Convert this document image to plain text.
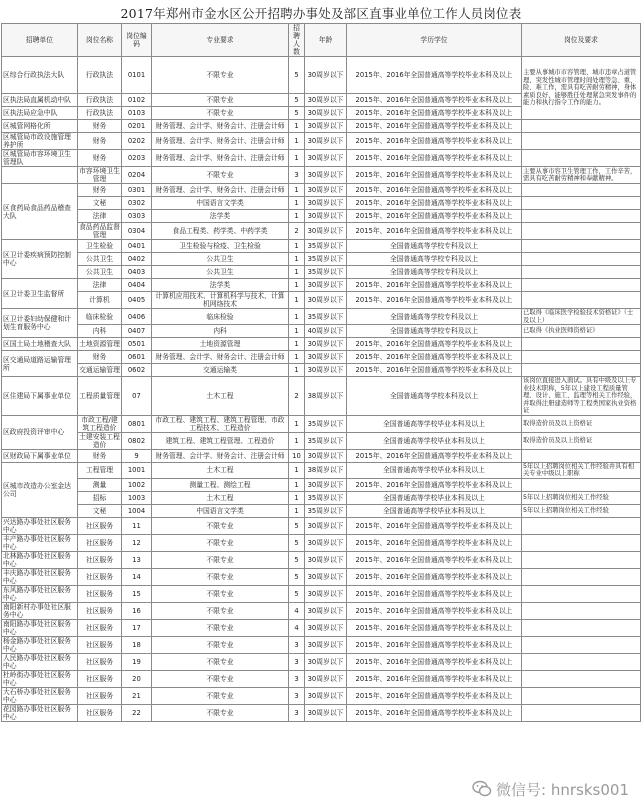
2017年郑州市金水区公开招聘办事处及部区直事业单位工作人员岗位表
招聘单位	岗位名称	岗位编码	专业要求	招聘人数	年龄	学历学位	岗位及要求
区综合行政执法大队	行政执法	0101	不限专业	5	30周岁以下	2015年、2016年全国普通高等学校毕业本科及以上	主要从事城市市容管理、城市违章占道管理、突发性城市管理时间处理等急、重、险、难工作，需具有吃苦耐劳精神，身体素质良好，能够胜任处理紧急突发事件的能力和执行指令工作的能力。
区执法局直属机动中队	行政执法	0102	不限专业	5	30周岁以下	2015年、2016年全国普通高等学校毕业本科及以上	
区执法局应急中队	行政执法	0103	不限专业	5	30周岁以下	2015年、2016年全国普通高等学校毕业本科及以上	
区城管网格化所	财务	0201	财务管理、会计学、财务会计、注册会计师	1	30周岁以下	2015年、2016年全国普通高等学校毕业本科及以上	
区城管局市政设施管理养护所	财务	0202	财务管理、会计学、财务会计、注册会计师	1	30周岁以下	2015年、2016年全国普通高等学校毕业本科及以上	
区城管局市容环境卫生管理队	财务	0203	财务管理、会计学、财务会计、注册会计师	1	30周岁以下	2015年、2016年全国普通高等学校毕业本科及以上	
	市容环境卫生管理	0204	不限专业	3	30周岁以下	2015年、2016年全国普通高等学校毕业本科及以上	主要从事市容卫生管理工作，工作辛苦，需具有吃苦耐劳精神和奉献精神。
区食药局食品药品稽查大队	财务	0301	财务管理、会计学、财务会计、注册会计师	1	30周岁以下	2015年、2016年全国普通高等学校毕业本科及以上	
	文秘	0302	中国语言文学类	1	30周岁以下	2015年、2016年全国普通高等学校毕业本科及以上	
	法律	0303	法学类	1	30周岁以下	2015年、2016年全国普通高等学校毕业本科及以上	
	食品药品监督管理	0304	食品工程类、药学类、中药学类	2	30周岁以下	2015年、2016年全国普通高等学校毕业本科及以上	
区卫计委疾病预防控制中心	卫生检验	0401	卫生检验与检疫、卫生检验	1	35周岁以下	全国普通高等学校专科及以上	
	公共卫生	0402	公共卫生	1	35周岁以下	全国普通高等学校专科及以上	
	公共卫生	0403	公共卫生	1	35周岁以下	全国普通高等学校专科及以上	
区卫计委卫生监督所	法律	0404	法学类	1	30周岁以下	2015年、2016年全国普通高等学校毕业本科及以上	
	计算机	0405	计算机应用技术、计算机科学与技术、计算机网络技术	1	30周岁以下	2015年、2016年全国普通高等学校毕业本科及以上	
区卫计委妇幼保健和计划生育服务中心	临床检验	0406	临床检验	1	35周岁以下	全国普通高等学校专科及以上	已取得《临床医学检验技术资格证》（士及以上）
	内科	0407	内科	1	40周岁以下	全国普通高等学校专科及以上	已取得《执业医师资格证》
区国土局土地稽查大队	土地资源管理	0501	土地资源管理	1	30周岁以下	2015年、2016年全国普通高等学校毕业本科及以上	
区交通局道路运输管理所	财务	0601	财务管理、会计学、财务会计、注册会计师	1	30周岁以下	2015年、2016年全国普通高等学校毕业本科及以上	
	交通运输管理	0602	交通运输类	1	30周岁以下	2015年、2016年全国普通高等学校毕业本科及以上	
区住建局下属事业单位	工程质量管理	07	土木工程	2	38周岁以下	全国普通高等学校本科及以上	该岗位直接进入面试。具有中级及以上专业技术职称，5年以上建设工程质量管理、设计、施工、监理等相关工作经验，并取得注册建造师等工程类国家执业资格证
区政府投资评审中心	市政工程/建筑工程造价	0801	市政工程、建筑工程、建筑工程管理、市政工程技术、工程造价	1	35周岁以下	全国普通高等学校毕业本科及以上	取得造价员及以上资格证
	土建安装工程造价	0802	建筑工程、建筑工程管理、工程造价	1	35周岁以下	全国普通高等学校毕业本科及以上	取得造价员及以上资格证
区财政局下属事业单位	财务	9	财务管理、会计学、财务会计、注册会计师	10	30周岁以下	2015年、2016年全国普通高等学校毕业本科及以上	
区城市改造办公室金达公司	工程管理	1001	土木工程	1	38周岁以下	全国普通高等学校毕业本科及以上	5年以上招聘岗位相关工作经验并具有相关专业中级以上职称
	测量	1002	测量工程、测绘工程	1	30周岁以下	2015年、2016年全国普通高等学校毕业本科及以上	
	招标	1003	土木工程	1	35周岁以下	全国普通高等学校毕业本科及以上	5年以上招聘岗位相关工作经验
	文秘	1004	中国语言文学类	1	35周岁以下	全国普通高等学校毕业本科及以上	5年以上招聘岗位相关工作经验
兴达路办事处社区服务中心	社区服务	11	不限专业	5	30周岁以下	2015年、2016年全国普通高等学校毕业本科及以上	
丰产路办事处社区服务中心	社区服务	12	不限专业	5	30周岁以下	2015年、2016年全国普通高等学校毕业本科及以上	
北林路办事处社区服务中心	社区服务	13	不限专业	5	30周岁以下	2015年、2016年全国普通高等学校毕业本科及以上	
丰庆路办事处社区服务中心	社区服务	14	不限专业	5	30周岁以下	2015年、2016年全国普通高等学校毕业本科及以上	
东风路办事处社区服务中心	社区服务	15	不限专业	5	30周岁以下	2015年、2016年全国普通高等学校毕业本科及以上	
南阳新村办事处社区服务中心	社区服务	16	不限专业	4	30周岁以下	2015年、2016年全国普通高等学校毕业本科及以上	
南阳路办事处社区服务中心	社区服务	17	不限专业	4	30周岁以下	2015年、2016年全国普通高等学校毕业本科及以上	
杨金路办事处社区服务中心	社区服务	18	不限专业	3	30周岁以下	2015年、2016年全国普通高等学校毕业本科及以上	
人民路办事处社区服务中心	社区服务	19	不限专业	3	30周岁以下	2015年、2016年全国普通高等学校毕业本科及以上	
杜岭街办事处社区服务中心	社区服务	20	不限专业	3	30周岁以下	2015年、2016年全国普通高等学校毕业本科及以上	
大石桥办事处社区服务中心	社区服务	21	不限专业	3	30周岁以下	2015年、2016年全国普通高等学校毕业本科及以上	
花园路办事处社区服务中心	社区服务	22	不限专业	3	30周岁以下	2015年、2016年全国普通高等学校毕业本科及以上	
微信号: hnrsks001
